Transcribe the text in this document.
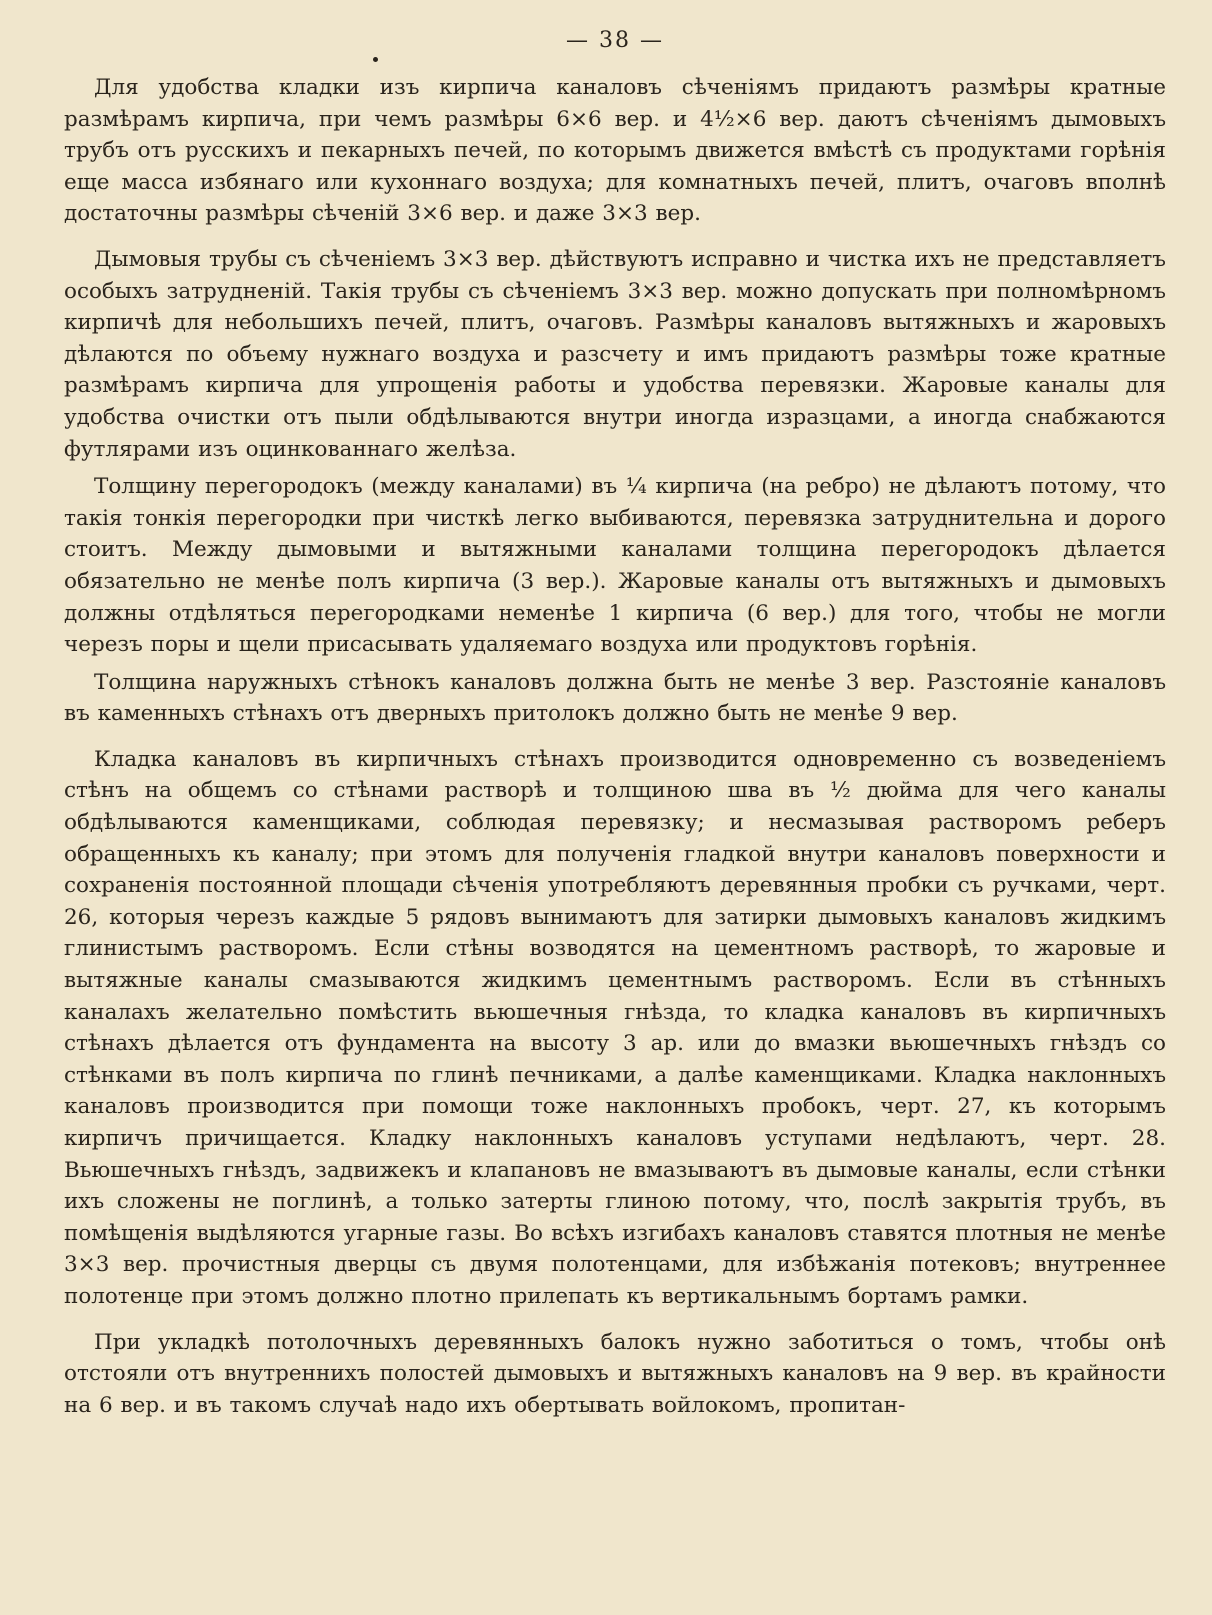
— 38 —

Для удобства кладки изъ кирпича каналовъ сѣченіямъ придаютъ размѣры кратные размѣрамъ кирпича, при чемъ размѣры 6×6 вер. и 4½×6 вер. даютъ сѣченіямъ дымовыхъ трубъ отъ русскихъ и пекарныхъ печей, по которымъ движется вмѣстѣ съ продуктами горѣнія еще масса избянаго или кухоннаго воздуха; для комнатныхъ печей, плитъ, очаговъ вполнѣ достаточны размѣры сѣченій 3×6 вер. и даже 3×3 вер.

Дымовыя трубы съ сѣченіемъ 3×3 вер. дѣйствуютъ исправно и чистка ихъ не представляетъ особыхъ затрудненій. Такія трубы съ сѣченіемъ 3×3 вер. можно допускать при полномѣрномъ кирпичѣ для небольшихъ печей, плитъ, очаговъ. Размѣры каналовъ вытяжныхъ и жаровыхъ дѣлаются по объему нужнаго воздуха и разсчету и имъ придаютъ размѣры тоже кратные размѣрамъ кирпича для упрощенія работы и удобства перевязки. Жаровые каналы для удобства очистки отъ пыли обдѣлываются внутри иногда изразцами, а иногда снабжаются футлярами изъ оцинкованнаго желѣза.

Толщину перегородокъ (между каналами) въ ¼ кирпича (на ребро) не дѣлаютъ потому, что такія тонкія перегородки при чисткѣ легко выбиваются, перевязка затруднительна и дорого стоитъ. Между дымовыми и вытяжными каналами толщина перегородокъ дѣлается обязательно не менѣе полъ кирпича (3 вер.). Жаровые каналы отъ вытяжныхъ и дымовыхъ должны отдѣляться перегородками неменѣе 1 кирпича (6 вер.) для того, чтобы не могли черезъ поры и щели присасывать удаляемаго воздуха или продуктовъ горѣнія.

Толщина наружныхъ стѣнокъ каналовъ должна быть не менѣе 3 вер. Разстояніе каналовъ въ каменныхъ стѣнахъ отъ дверныхъ притолокъ должно быть не менѣе 9 вер.

Кладка каналовъ въ кирпичныхъ стѣнахъ производится одновременно съ возведеніемъ стѣнъ на общемъ со стѣнами растворѣ и толщиною шва въ ½ дюйма для чего каналы обдѣлываются каменщиками, соблюдая перевязку; и несмазывая растворомъ реберъ обращенныхъ къ каналу; при этомъ для полученія гладкой внутри каналовъ поверхности и сохраненія постоянной площади сѣченія употребляютъ деревянныя пробки съ ручками, черт. 26, которыя черезъ каждые 5 рядовъ вынимаютъ для затирки дымовыхъ каналовъ жидкимъ глинистымъ растворомъ. Если стѣны возводятся на цементномъ растворѣ, то жаровые и вытяжные каналы смазываются жидкимъ цементнымъ растворомъ. Если въ стѣнныхъ каналахъ желательно помѣстить вьюшечныя гнѣзда, то кладка каналовъ въ кирпичныхъ стѣнахъ дѣлается отъ фундамента на высоту 3 ар. или до вмазки вьюшечныхъ гнѣздъ со стѣнками въ полъ кирпича по глинѣ печниками, а далѣе каменщиками. Кладка наклонныхъ каналовъ производится при помощи тоже наклонныхъ пробокъ, черт. 27, къ которымъ кирпичъ причищается. Кладку наклонныхъ каналовъ уступами недѣлаютъ, черт. 28. Вьюшечныхъ гнѣздъ, задвижекъ и клапановъ не вмазываютъ въ дымовые каналы, если стѣнки ихъ сложены не поглинѣ, а только затерты глиною потому, что, послѣ закрытія трубъ, въ помѣщенія выдѣляются угарные газы. Во всѣхъ изгибахъ каналовъ ставятся плотныя не менѣе 3×3 вер. прочистныя дверцы съ двумя полотенцами, для избѣжанія потековъ; внутреннее полотенце при этомъ должно плотно прилепать къ вертикальнымъ бортамъ рамки.

При укладкѣ потолочныхъ деревянныхъ балокъ нужно заботиться о томъ, чтобы онѣ отстояли отъ внутреннихъ полостей дымовыхъ и вытяжныхъ каналовъ на 9 вер. въ крайности на 6 вер. и въ такомъ случаѣ надо ихъ обертывать войлокомъ, пропитан-
